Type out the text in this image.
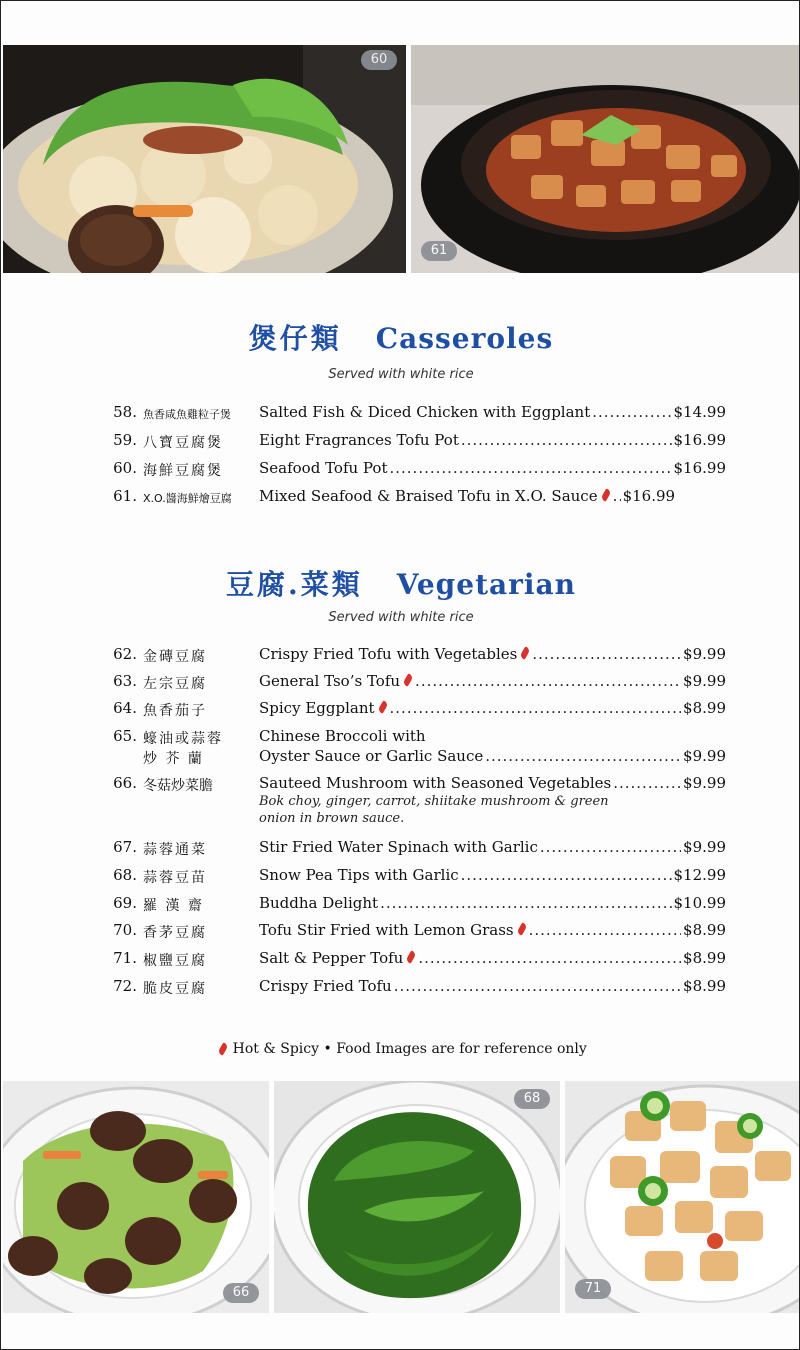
60
61
煲仔類 Casseroles
Served with white rice
58. 魚香咸魚雞粒子煲	Salted Fish & Diced Chicken with Eggplant .....	$14.99
59. 八寶豆腐煲	Eight Fragrances Tofu Pot .....	$16.99
60. 海鮮豆腐煲	Seafood Tofu Pot .....	$16.99
61. X.O.醬海鮮燴豆腐	Mixed Seafood & Braised Tofu in X.O. Sauce ..... $16.99
豆腐.菜類 Vegetarian
Served with white rice
62. 金磚豆腐	Crispy Fried Tofu with Vegetables .....	$9.99
63. 左宗豆腐	General Tso’s Tofu .....	$9.99
64. 魚香茄子	Spicy Eggplant .....	$8.99
65. 蠔油或蒜蓉
炒 芥 蘭
Chinese Broccoli with
Oyster Sauce or Garlic Sauce .....	$9.99
66. 冬菇炒菜膽	Sauteed Mushroom with Seasoned Vegetables .....	$9.99
Bok choy, ginger, carrot, shiitake mushroom & green onion in brown sauce.
67. 蒜蓉通菜	Stir Fried Water Spinach with Garlic .....	$9.99
68. 蒜蓉豆苗	Snow Pea Tips with Garlic .....	$12.99
69. 羅 漢 齋	Buddha Delight .....	$10.99
70. 香茅豆腐	Tofu Stir Fried with Lemon Grass .....	$8.99
71. 椒鹽豆腐	Salt & Pepper Tofu .....	$8.99
72. 脆皮豆腐	Crispy Fried Tofu .....	$8.99
Hot & Spicy • Food Images are for reference only
66
68
71
